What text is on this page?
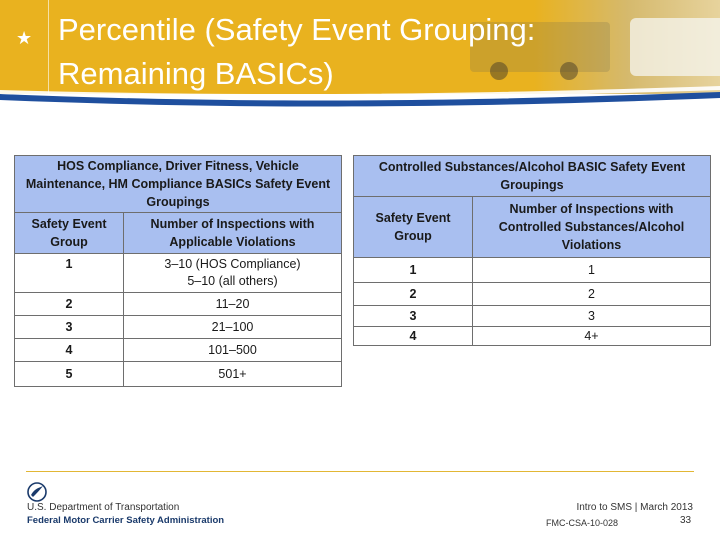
★ Percentile (Safety Event Grouping:
Remaining BASICs)
HOS Compliance, Driver Fitness, Vehicle Maintenance, HM Compliance BASICs Safety Event Groupings	
Safety Event Group	Number of Inspections with Applicable Violations
1	3–10 (HOS Compliance)
5–10 (all others)

2	11–20
3	21–100
4	101–500
5	501+
Controlled Substances/Alcohol BASIC Safety Event Groupings	
Safety Event Group	Number of Inspections with Controlled Substances/Alcohol Violations
1	1
2	2
3	3
4	4+
U.S. Department of Transportation
Federal Motor Carrier Safety Administration
Intro to SMS | March 2013
FMC-CSA-10-028	33
